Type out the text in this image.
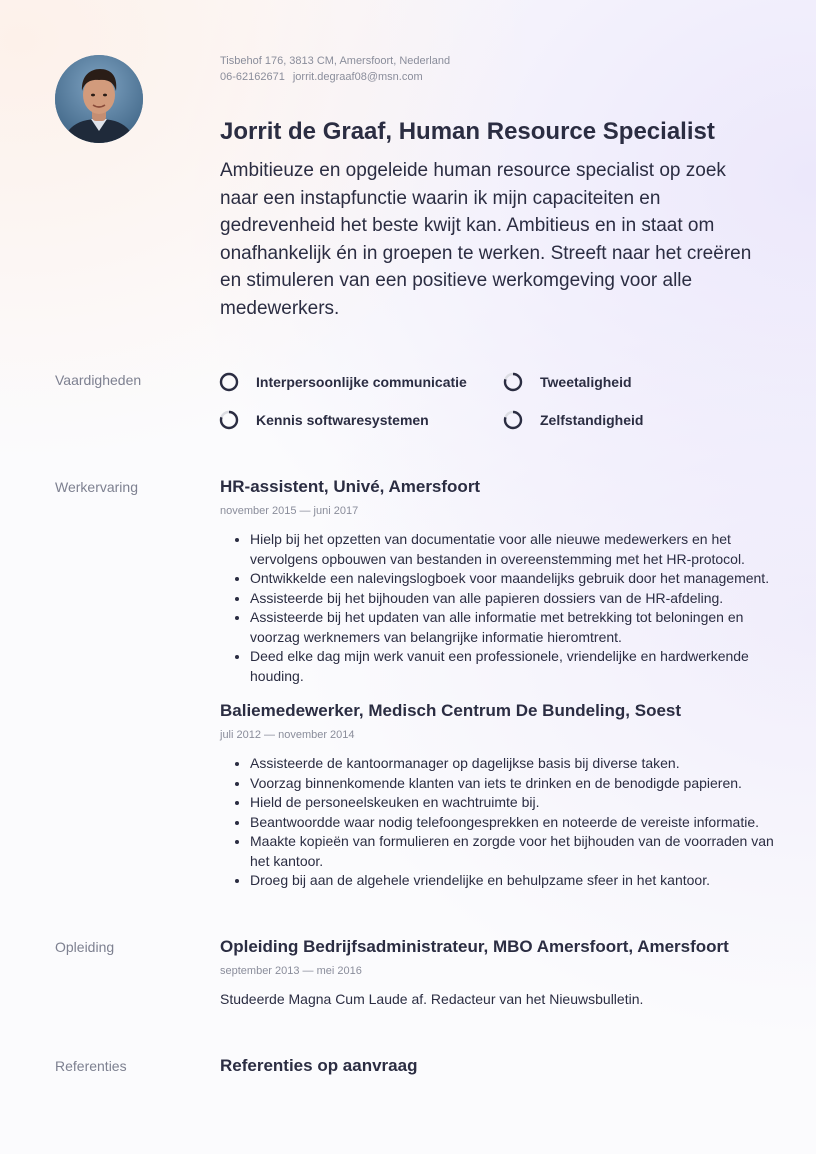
Tisbehof 176, 3813 CM, Amersfoort, Nederland
06-62162671 jorrit.degraaf08@msn.com
Jorrit de Graaf, Human Resource Specialist

Ambitieuze en opgeleide human resource specialist op zoek naar een instapfunctie waarin ik mijn capaciteiten en gedrevenheid het beste kwijt kan. Ambitieus en in staat om onafhankelijk én in groepen te werken. Streeft naar het creëren en stimuleren van een positieve werkomgeving voor alle medewerkers.

Vaardigheden	Interpersoonlijke communicatie	Tweetaligheid
Kennis softwaresystemen	Zelfstandigheid
Werkervaring	HR-assistent, Univé, Amersfoort
november 2015 — juni 2017
• Hielp bij het opzetten van documentatie voor alle nieuwe medewerkers en het vervolgens opbouwen van bestanden in overeenstemming met het HR-protocol.
• Ontwikkelde een nalevingslogboek voor maandelijks gebruik door het management.
• Assisteerde bij het bijhouden van alle papieren dossiers van de HR-afdeling.
• Assisteerde bij het updaten van alle informatie met betrekking tot beloningen en voorzag werknemers van belangrijke informatie hieromtrent.
• Deed elke dag mijn werk vanuit een professionele, vriendelijke en hardwerkende houding.
Baliemedewerker, Medisch Centrum De Bundeling, Soest
juli 2012 — november 2014
• Assisteerde de kantoormanager op dagelijkse basis bij diverse taken.
• Voorzag binnenkomende klanten van iets te drinken en de benodigde papieren.
• Hield de personeelskeuken en wachtruimte bij.
• Beantwoordde waar nodig telefoongesprekken en noteerde de vereiste informatie.
• Maakte kopieën van formulieren en zorgde voor het bijhouden van de voorraden van het kantoor.
• Droeg bij aan de algehele vriendelijke en behulpzame sfeer in het kantoor.
Opleiding	Opleiding Bedrijfsadministrateur, MBO Amersfoort, Amersfoort
september 2013 — mei 2016
Studeerde Magna Cum Laude af. Redacteur van het Nieuwsbulletin.
Referenties	Referenties op aanvraag
